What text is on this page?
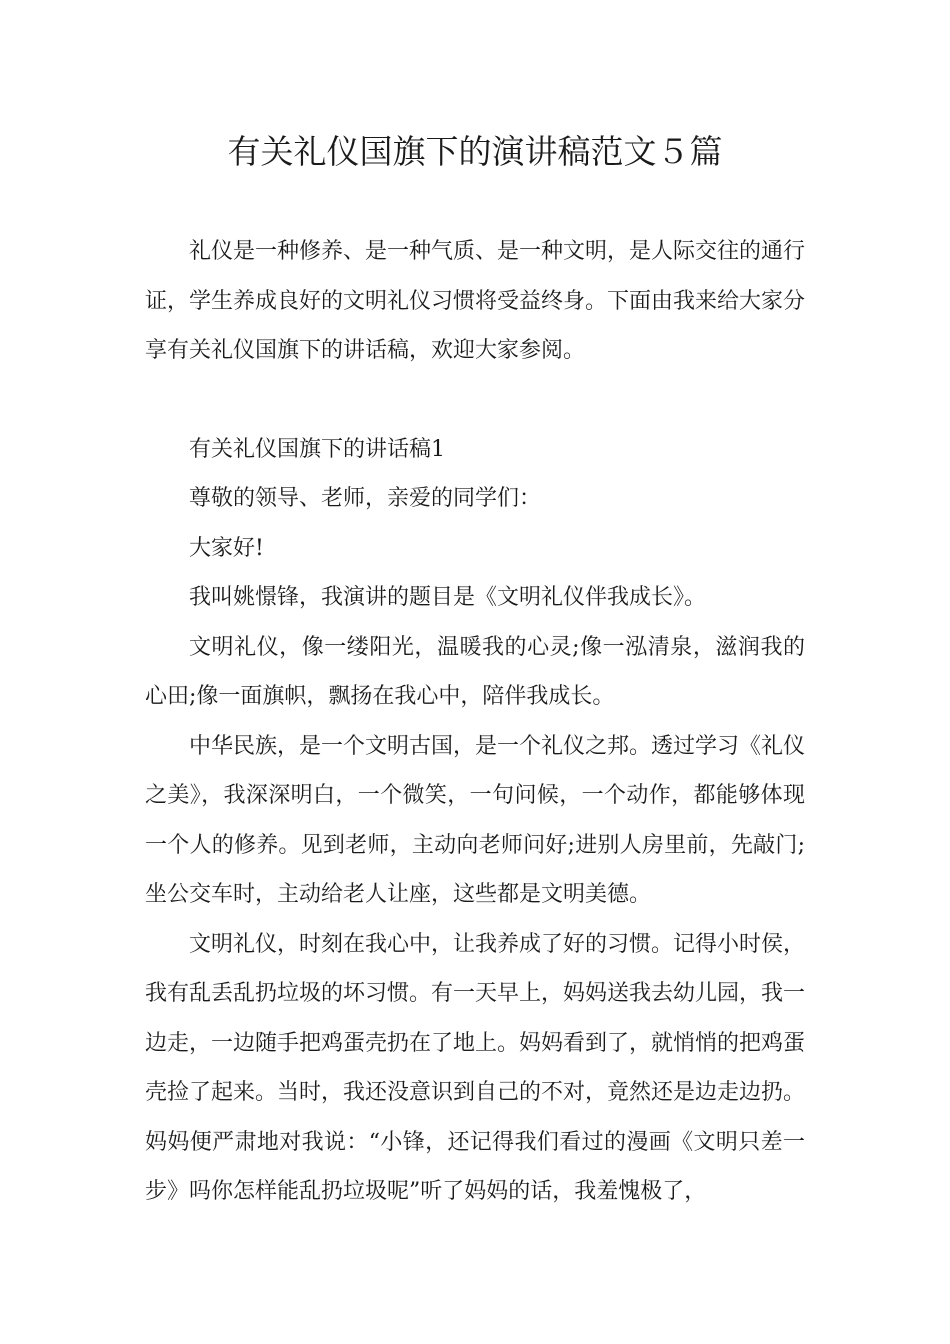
有关礼仪国旗下的演讲稿范文５篇

礼仪是一种修养、是一种气质、是一种文明，是人际交往的通行证，学生养成良好的文明礼仪习惯将受益终身。下面由我来给大家分享有关礼仪国旗下的讲话稿，欢迎大家参阅。

有关礼仪国旗下的讲话稿1

尊敬的领导、老师，亲爱的同学们：

大家好!

我叫姚憬锋，我演讲的题目是《文明礼仪伴我成长》。

文明礼仪，像一缕阳光，温暖我的心灵;像一泓清泉，滋润我的心田;像一面旗帜，飘扬在我心中，陪伴我成长。

中华民族，是一个文明古国，是一个礼仪之邦。透过学习《礼仪之美》，我深深明白，一个微笑，一句问候，一个动作，都能够体现一个人的修养。见到老师，主动向老师问好;进别人房里前，先敲门;坐公交车时，主动给老人让座，这些都是文明美德。

文明礼仪，时刻在我心中，让我养成了好的习惯。记得小时侯，我有乱丢乱扔垃圾的坏习惯。有一天早上，妈妈送我去幼儿园，我一边走，一边随手把鸡蛋壳扔在了地上。妈妈看到了，就悄悄的把鸡蛋壳捡了起来。当时，我还没意识到自己的不对，竟然还是边走边扔。妈妈便严肃地对我说：“小锋，还记得我们看过的漫画《文明只差一步》吗你怎样能乱扔垃圾呢”听了妈妈的话，我羞愧极了，
